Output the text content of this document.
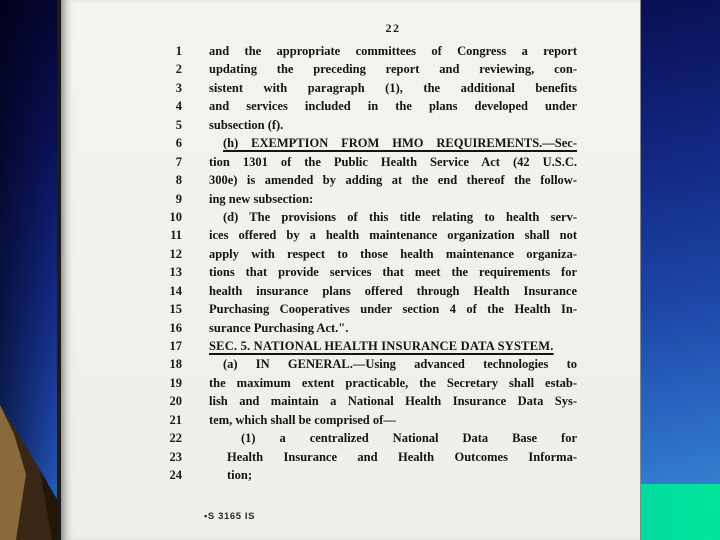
22
1 and the appropriate committees of Congress a report
2 updating the preceding report and reviewing, con-
3 sistent with paragraph (1), the additional benefits
4 and services included in the plans developed under
5 subsection (f).
6	(h) EXEMPTION FROM HMO REQUIREMENTS.—Sec-
7 tion 1301 of the Public Health Service Act (42 U.S.C.
8 300e) is amended by adding at the end thereof the follow-
9 ing new subsection:
10	(d) The provisions of this title relating to health serv-
11 ices offered by a health maintenance organization shall not
12 apply with respect to those health maintenance organiza-
13 tions that provide services that meet the requirements for
14 health insurance plans offered through Health Insurance
15 Purchasing Cooperatives under section 4 of the Health In-
16 surance Purchasing Act.".
17 SEC. 5. NATIONAL HEALTH INSURANCE DATA SYSTEM.
18	(a) IN GENERAL.—Using advanced technologies to
19 the maximum extent practicable, the Secretary shall estab-
20 lish and maintain a National Health Insurance Data Sys-
21 tem, which shall be comprised of—
22	(1) a centralized National Data Base for
23	Health Insurance and Health Outcomes Informa-
24	tion;
•S 3165 IS
